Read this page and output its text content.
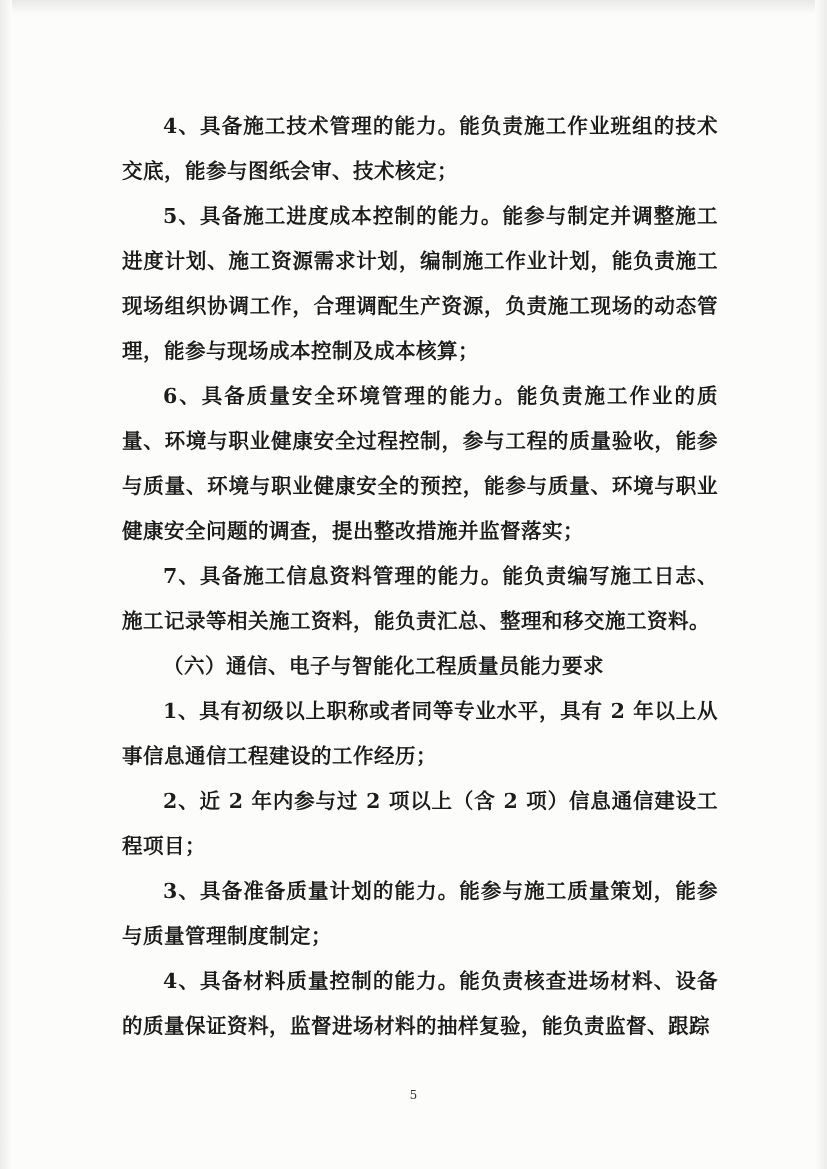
4、具备施工技术管理的能力。能负责施工作业班组的技术交底，能参与图纸会审、技术核定；

5、具备施工进度成本控制的能力。能参与制定并调整施工进度计划、施工资源需求计划，编制施工作业计划，能负责施工现场组织协调工作，合理调配生产资源，负责施工现场的动态管理，能参与现场成本控制及成本核算；

6、具备质量安全环境管理的能力。能负责施工作业的质量、环境与职业健康安全过程控制，参与工程的质量验收，能参与质量、环境与职业健康安全的预控，能参与质量、环境与职业健康安全问题的调查，提出整改措施并监督落实；

7、具备施工信息资料管理的能力。能负责编写施工日志、施工记录等相关施工资料，能负责汇总、整理和移交施工资料。

（六）通信、电子与智能化工程质量员能力要求

1、具有初级以上职称或者同等专业水平，具有 2 年以上从事信息通信工程建设的工作经历；

2、近 2 年内参与过 2 项以上（含 2 项）信息通信建设工程项目；

3、具备准备质量计划的能力。能参与施工质量策划，能参与质量管理制度制定；

4、具备材料质量控制的能力。能负责核查进场材料、设备的质量保证资料，监督进场材料的抽样复验，能负责监督、跟踪

5
